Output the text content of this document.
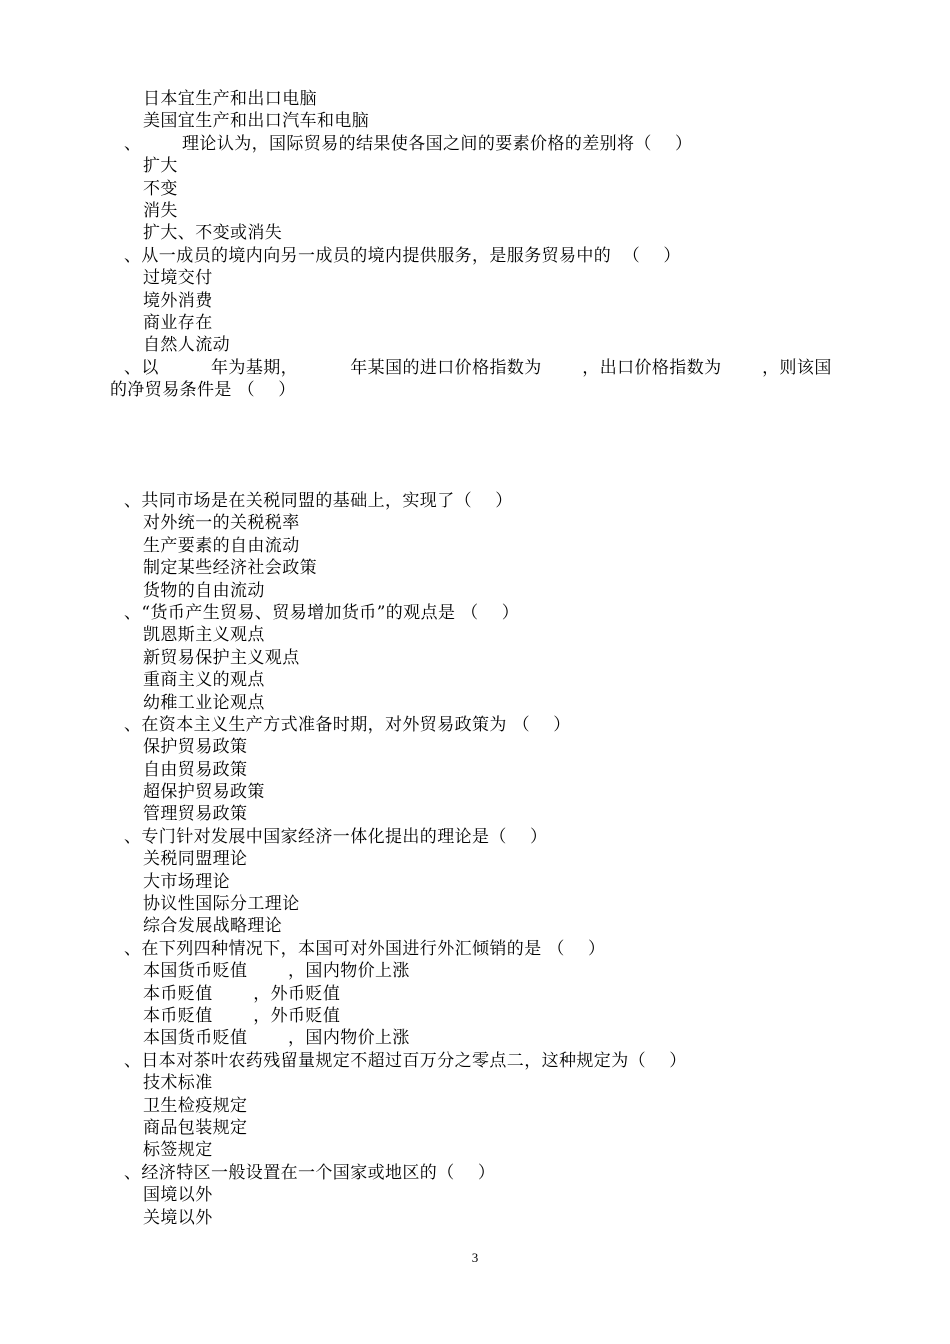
日本宜生产和出口电脑
美国宜生产和出口汽车和电脑
、       理论认为，国际贸易的结果使各国之间的要素价格的差别将（    ）
扩大
不变
消失
扩大、不变或消失
、从一成员的境内向另一成员的境内提供服务，是服务贸易中的  （    ）
过境交付
境外消费
商业存在
自然人流动
、以         年为基期，         年某国的进口价格指数为       ，出口价格指数为       ，则该国
的净贸易条件是 （    ）
、共同市场是在关税同盟的基础上，实现了（    ）
对外统一的关税税率
生产要素的自由流动
制定某些经济社会政策
货物的自由流动
、“货币产生贸易、贸易增加货币”的观点是 （    ）
凯恩斯主义观点
新贸易保护主义观点
重商主义的观点
幼稚工业论观点
、在资本主义生产方式准备时期，对外贸易政策为 （    ）
保护贸易政策
自由贸易政策
超保护贸易政策
管理贸易政策
、专门针对发展中国家经济一体化提出的理论是（    ）
关税同盟理论
大市场理论
协议性国际分工理论
综合发展战略理论
、在下列四种情况下，本国可对外国进行外汇倾销的是 （    ）
本国货币贬值       ，国内物价上涨
本币贬值       ，外币贬值
本币贬值       ，外币贬值
本国货币贬值       ，国内物价上涨
、日本对茶叶农药残留量规定不超过百万分之零点二，这种规定为（    ）
技术标准
卫生检疫规定
商品包装规定
标签规定
、经济特区一般设置在一个国家或地区的（    ）
国境以外
关境以外
3
